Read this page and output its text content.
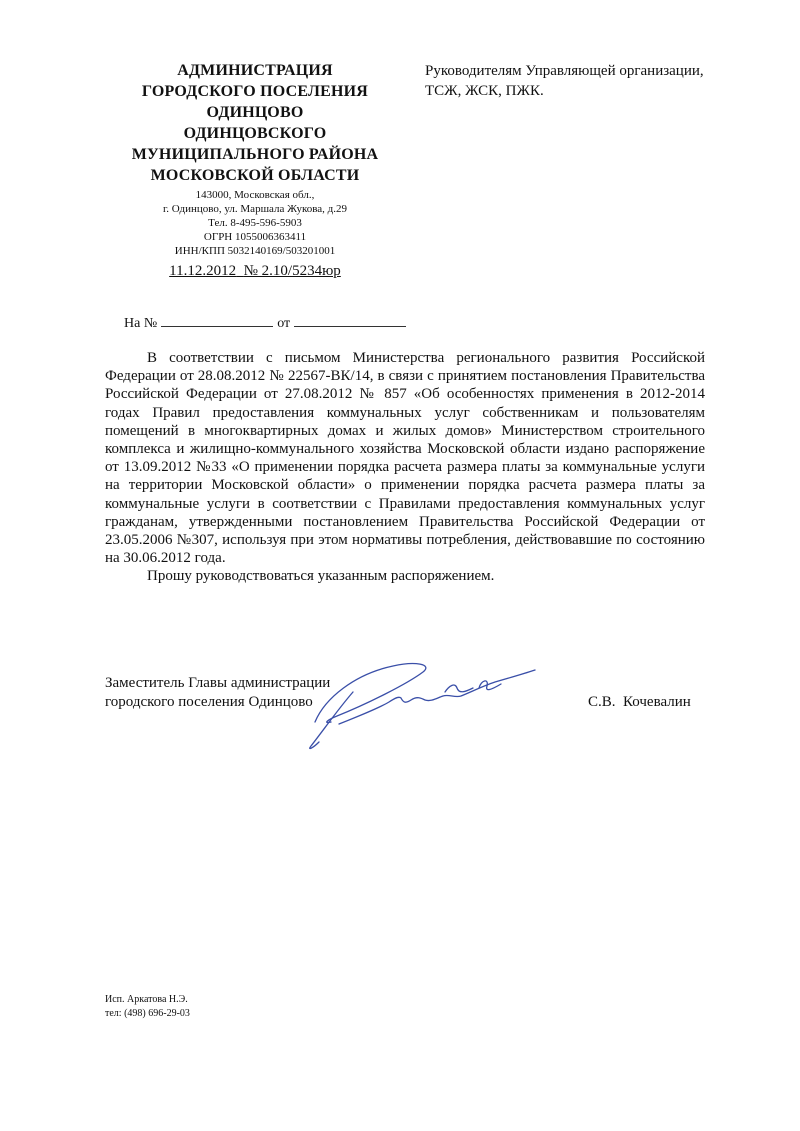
АДМИНИСТРАЦИЯ
ГОРОДСКОГО ПОСЕЛЕНИЯ
ОДИНЦОВО
ОДИНЦОВСКОГО
МУНИЦИПАЛЬНОГО РАЙОНА
МОСКОВСКОЙ ОБЛАСТИ
143000, Московская обл.,
г. Одинцово, ул. Маршала Жукова, д.29
Тел. 8-495-596-5903
ОГРН 1055006363411
ИНН/КПП 5032140169/503201001
11.12.2012 № 2.10/5234юр

На №	от

Руководителям Управляющей организации,
ТСЖ, ЖСК, ПЖК.

В соответствии с письмом Министерства регионального развития Российской Федерации от 28.08.2012 № 22567-ВК/14, в связи с принятием постановления Правительства Российской Федерации от 27.08.2012 № 857 «Об особенностях применения в 2012-2014 годах Правил предоставления коммунальных услуг собственникам и пользователям помещений в многоквартирных домах и жилых домов» Министерством строительного комплекса и жилищно-коммунального хозяйства Московской области издано распоряжение от 13.09.2012 №33 «О применении порядка расчета размера платы за коммунальные услуги на территории Московской области» о применении порядка расчета размера платы за коммунальные услуги в соответствии с Правилами предоставления коммунальных услуг гражданам, утвержденными постановлением Правительства Российской Федерации от 23.05.2006 №307, используя при этом нормативы потребления, действовавшие по состоянию на 30.06.2012 года.

Прошу руководствоваться указанным распоряжением.

Заместитель Главы администрации
городского поселения Одинцово	С.В.  Кочевалин
Исп. Аркатова Н.Э.
тел: (498) 696-29-03
